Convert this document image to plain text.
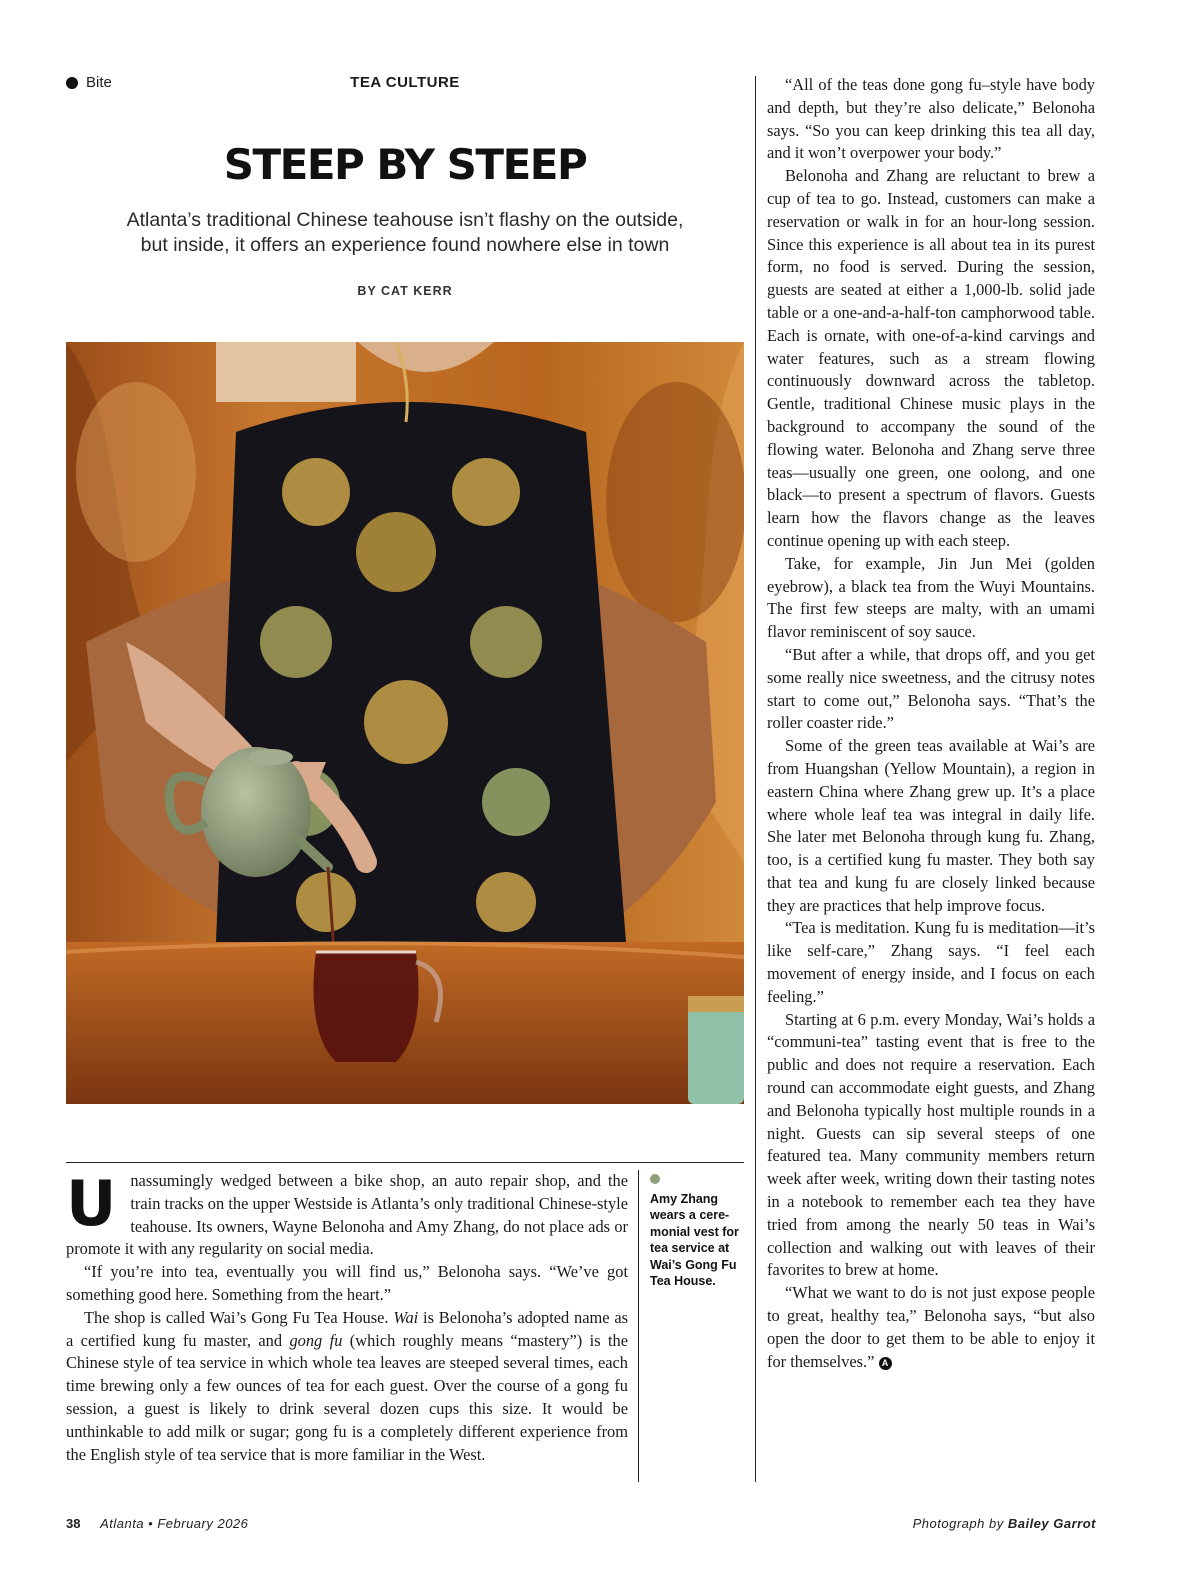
Bite	TEA CULTURE
STEEP BY STEEP
Atlanta’s traditional Chinese teahouse isn’t flashy on the outside,
but inside, it offers an experience found nowhere else in town
BY CAT KERR

Unassumingly wedged between a bike shop, an auto repair shop, and the train tracks on the upper Westside is Atlanta’s only traditional Chinese-style teahouse. Its owners, Wayne Belonoha and Amy Zhang, do not place ads or promote it with any regularity on social media.

“If you’re into tea, eventually you will find us,” Belonoha says. “We’ve got something good here. Something from the heart.”

The shop is called Wai’s Gong Fu Tea House. Wai is Belonoha’s adopted name as a certified kung fu master, and gong fu (which roughly means “mastery”) is the Chinese style of tea service in which whole tea leaves are steeped several times, each time brewing only a few ounces of tea for each guest. Over the course of a gong fu session, a guest is likely to drink several dozen cups this size. It would be unthinkable to add milk or sugar; gong fu is a completely different experience from the English style of tea service that is more familiar in the West.

Amy Zhang wears a cere-monial vest for tea service at Wai’s Gong Fu Tea House.

“All of the teas done gong fu–style have body and depth, but they’re also delicate,” Belonoha says. “So you can keep drinking this tea all day, and it won’t overpower your body.”

Belonoha and Zhang are reluctant to brew a cup of tea to go. Instead, customers can make a reservation or walk in for an hour-long session. Since this experience is all about tea in its purest form, no food is served. During the session, guests are seated at either a 1,000-lb. solid jade table or a one-and-a-half-ton camphorwood table. Each is ornate, with one-of-a-kind carvings and water features, such as a stream flowing continuously downward across the tabletop. Gentle, traditional Chinese music plays in the background to accompany the sound of the flowing water. Belonoha and Zhang serve three teas—usually one green, one oolong, and one black—to present a spectrum of flavors. Guests learn how the flavors change as the leaves continue opening up with each steep.

Take, for example, Jin Jun Mei (golden eyebrow), a black tea from the Wuyi Mountains. The first few steeps are malty, with an umami flavor reminiscent of soy sauce.

“But after a while, that drops off, and you get some really nice sweetness, and the citrusy notes start to come out,” Belonoha says. “That’s the roller coaster ride.”

Some of the green teas available at Wai’s are from Huangshan (Yellow Mountain), a region in eastern China where Zhang grew up. It’s a place where whole leaf tea was integral in daily life. She later met Belonoha through kung fu. Zhang, too, is a certified kung fu master. They both say that tea and kung fu are closely linked because they are practices that help improve focus.

“Tea is meditation. Kung fu is meditation—it’s like self-care,” Zhang says. “I feel each movement of energy inside, and I focus on each feeling.”

Starting at 6 p.m. every Monday, Wai’s holds a “communi-tea” tasting event that is free to the public and does not require a reservation. Each round can accommodate eight guests, and Zhang and Belonoha typically host multiple rounds in a night. Guests can sip several steeps of one featured tea. Many community members return week after week, writing down their tasting notes in a notebook to remember each tea they have tried from among the nearly 50 teas in Wai’s collection and walking out with leaves of their favorites to brew at home.

“What we want to do is not just expose people to great, healthy tea,” Belonoha says, “but also open the door to get them to be able to enjoy it for themselves.” A

38 Atlanta • February 2026	Photograph by Bailey Garrot
